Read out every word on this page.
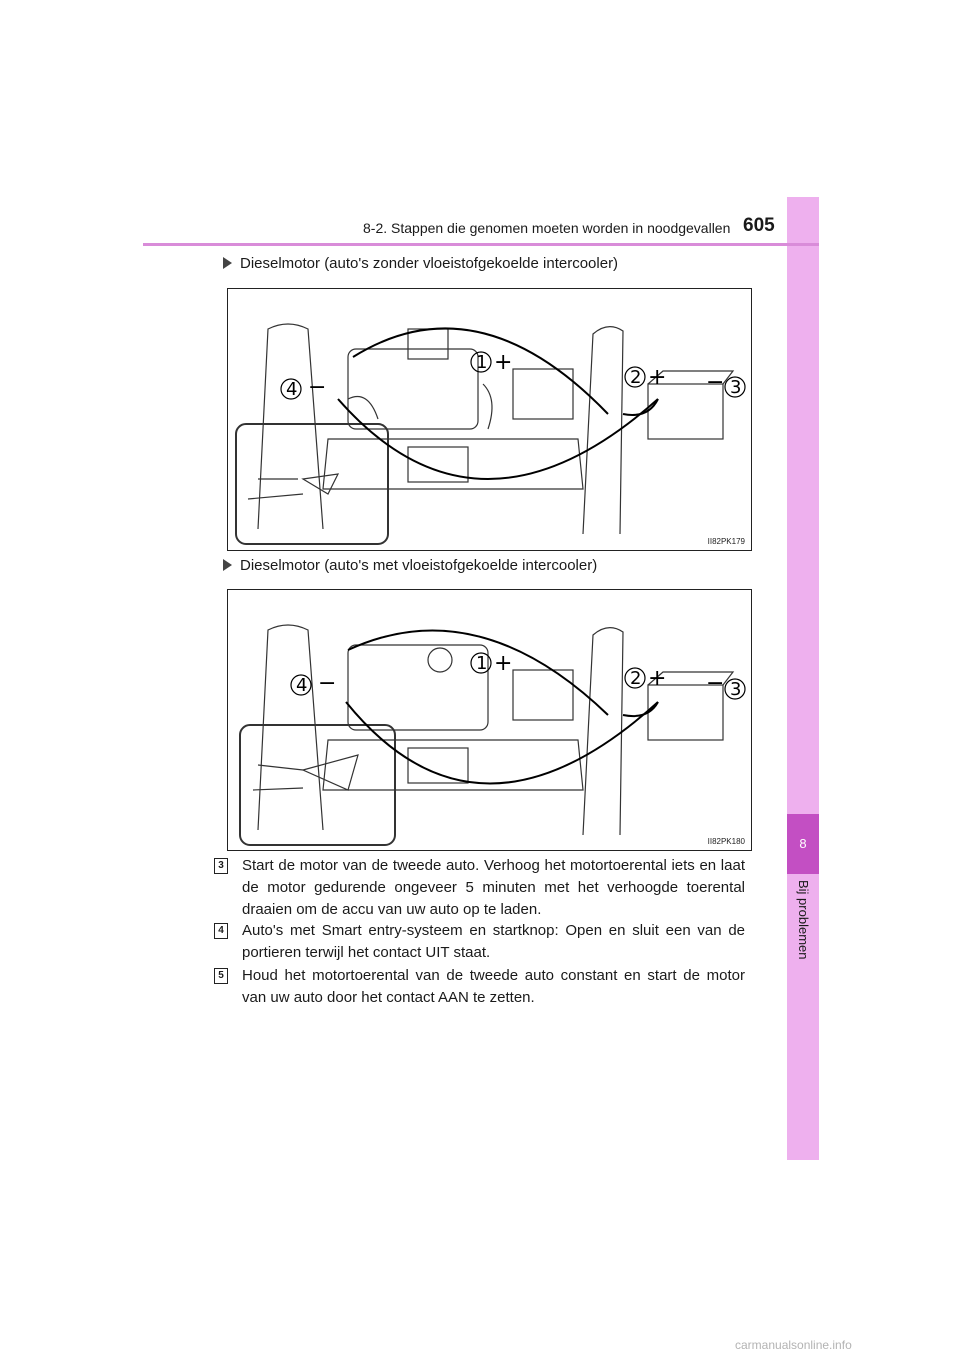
8
Bij problemen
8-2. Stappen die genomen moeten worden in noodgevallen 605
Dieselmotor (auto's zonder vloeistofgekoelde intercooler)
1 +
2 +	3
−
4 −
II82PK179
Dieselmotor (auto's met vloeistofgekoelde intercooler)
1 +
2 +	3
−
4 −
II82PK180
3 Start de motor van de tweede auto. Verhoog het motortoerental iets en laat de motor gedurende ongeveer 5 minuten met het verhoogde toerental draaien om de accu van uw auto op te laden.
4 Auto's met Smart entry-systeem en startknop: Open en sluit een van de portieren terwijl het contact UIT staat.
5 Houd het motortoerental van de tweede auto constant en start de motor van uw auto door het contact AAN te zetten.
carmanualsonline.info
